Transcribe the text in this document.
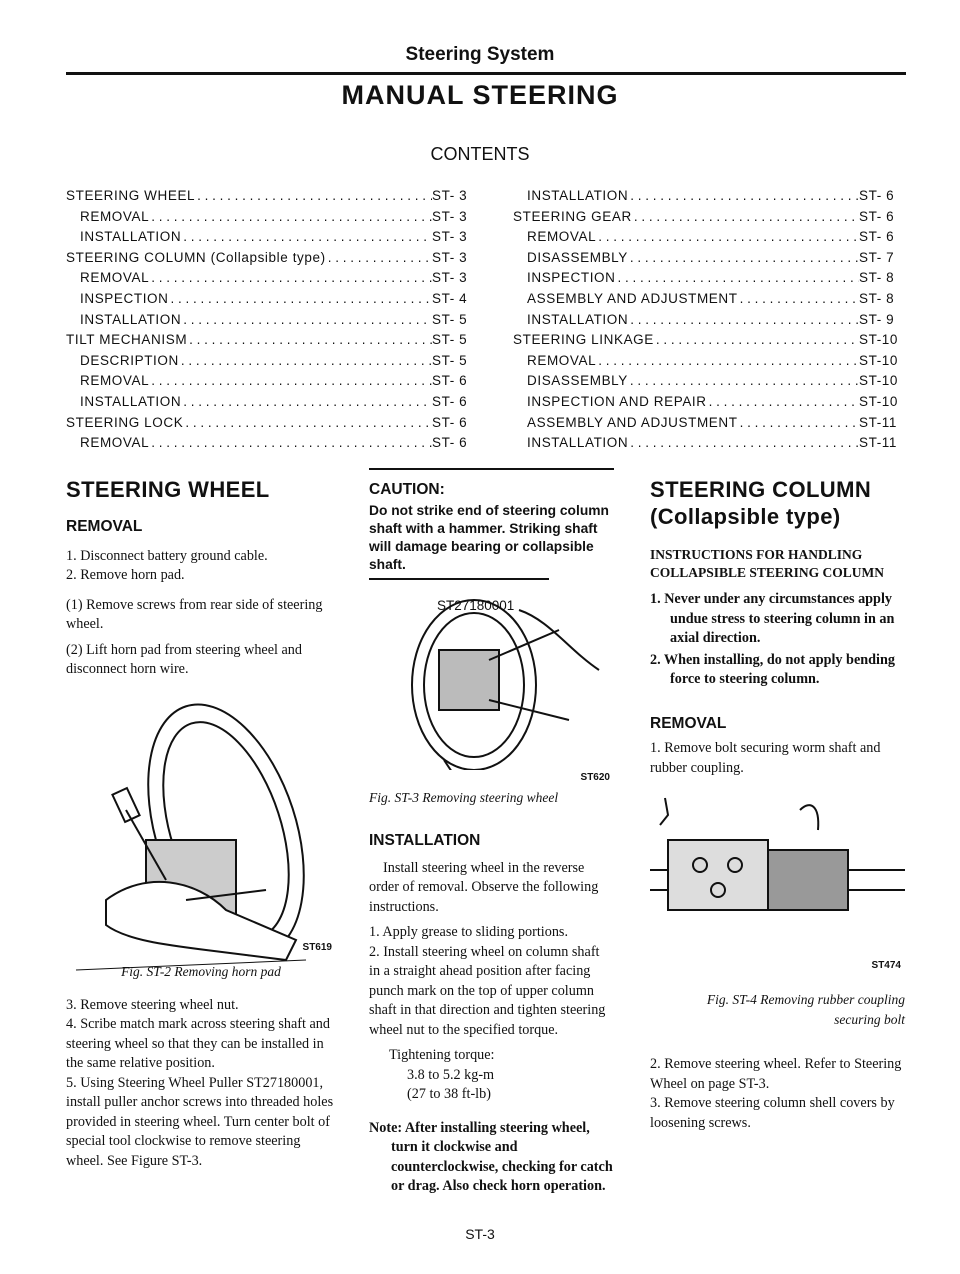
Steering System
MANUAL STEERING
CONTENTS
STEERING WHEEL . . .	ST- 3
REMOVAL . . .	ST- 3
INSTALLATION . . .	ST- 3
STEERING COLUMN (Collapsible type) . . .	ST- 3
REMOVAL . . .	ST- 3
INSPECTION . . .	ST- 4
INSTALLATION . . .	ST- 5
TILT MECHANISM . . .	ST- 5
DESCRIPTION . . .	ST- 5
REMOVAL . . .	ST- 6
INSTALLATION . . .	ST- 6
STEERING LOCK . . .	ST- 6
REMOVAL . . .	ST- 6
INSTALLATION . . .	ST- 6
STEERING GEAR . . .	ST- 6
REMOVAL . . .	ST- 6
DISASSEMBLY . . .	ST- 7
INSPECTION . . .	ST- 8
ASSEMBLY AND ADJUSTMENT . . .	ST- 8
INSTALLATION . . .	ST- 9
STEERING LINKAGE . . .	ST-10
REMOVAL . . .	ST-10
DISASSEMBLY . . .	ST-10
INSPECTION AND REPAIR . . .	ST-10
ASSEMBLY AND ADJUSTMENT . . .	ST-11
INSTALLATION . . .	ST-11
STEERING WHEEL
REMOVAL

1. Disconnect battery ground cable.

2. Remove horn pad.

(1) Remove screws from rear side of steering wheel.

(2) Lift horn pad from steering wheel and disconnect horn wire.

ST619
Fig. ST-2 Removing horn pad

3. Remove steering wheel nut.

4. Scribe match mark across steering shaft and steering wheel so that they can be installed in the same relative position.

5. Using Steering Wheel Puller ST27180001, install puller anchor screws into threaded holes provided in steering wheel. Turn center bolt of special tool clockwise to remove steering wheel. See Figure ST-3.

CAUTION:
Do not strike end of steering column shaft with a hammer. Striking shaft will damage bearing or collapsible shaft.
ST27180001
ST620
Fig. ST-3 Removing steering wheel
INSTALLATION

Install steering wheel in the reverse order of removal. Observe the following instructions.

1. Apply grease to sliding portions.

2. Install steering wheel on column shaft in a straight ahead position after facing punch mark on the top of upper column shaft in that direction and tighten steering wheel nut to the specified torque.

Tightening torque:
3.8 to 5.2 kg-m
(27 to 38 ft-lb)

Note: After installing steering wheel, turn it clockwise and counterclockwise, checking for catch or drag. Also check horn operation.

STEERING COLUMN
(Collapsible type)
INSTRUCTIONS FOR HANDLING COLLAPSIBLE STEERING COLUMN

1. Never under any circumstances apply undue stress to steering column in an axial direction.

2. When installing, do not apply bending force to steering column.

REMOVAL

1. Remove bolt securing worm shaft and rubber coupling.

ST474
Fig. ST-4 Removing rubber coupling
securing bolt

2. Remove steering wheel. Refer to Steering Wheel on page ST-3.

3. Remove steering column shell covers by loosening screws.

ST-3
